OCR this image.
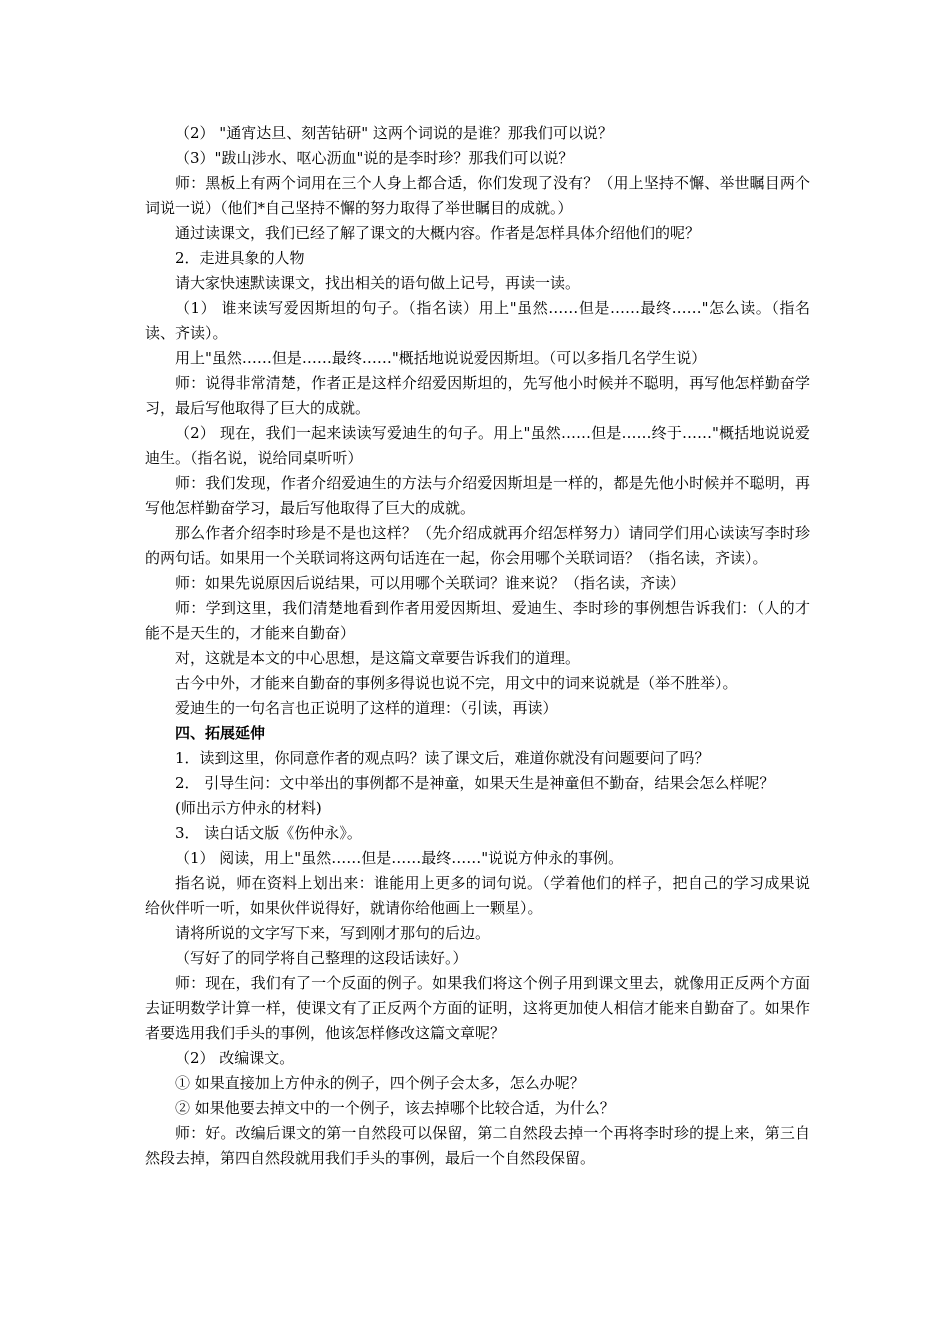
（2） "通宵达旦、刻苦钻研" 这两个词说的是谁？那我们可以说？

（3）"跋山涉水、呕心沥血"说的是李时珍？那我们可以说？

师：黑板上有两个词用在三个人身上都合适，你们发现了没有？（用上坚持不懈、举世瞩目两个词说一说）（他们*自己坚持不懈的努力取得了举世瞩目的成就。）

通过读课文，我们已经了解了课文的大概内容。作者是怎样具体介绍他们的呢？

2．走进具象的人物

请大家快速默读课文，找出相关的语句做上记号，再读一读。

（1） 谁来读写爱因斯坦的句子。（指名读）用上"虽然……但是……最终……"怎么读。（指名读、齐读）。

用上"虽然……但是……最终……"概括地说说爱因斯坦。（可以多指几名学生说）

师：说得非常清楚，作者正是这样介绍爱因斯坦的，先写他小时候并不聪明，再写他怎样勤奋学习，最后写他取得了巨大的成就。

（2） 现在，我们一起来读读写爱迪生的句子。用上"虽然……但是……终于……"概括地说说爱迪生。（指名说，说给同桌听听）

师：我们发现，作者介绍爱迪生的方法与介绍爱因斯坦是一样的，都是先他小时候并不聪明，再写他怎样勤奋学习，最后写他取得了巨大的成就。

那么作者介绍李时珍是不是也这样？（先介绍成就再介绍怎样努力）请同学们用心读读写李时珍的两句话。如果用一个关联词将这两句话连在一起，你会用哪个关联词语？（指名读，齐读）。

师：如果先说原因后说结果，可以用哪个关联词？谁来说？（指名读，齐读）

师：学到这里，我们清楚地看到作者用爱因斯坦、爱迪生、李时珍的事例想告诉我们：（人的才能不是天生的，才能来自勤奋）

对，这就是本文的中心思想，是这篇文章要告诉我们的道理。

古今中外，才能来自勤奋的事例多得说也说不完，用文中的词来说就是（举不胜举）。

爱迪生的一句名言也正说明了这样的道理：（引读，再读）

四、拓展延伸

1．读到这里，你同意作者的观点吗？读了课文后，难道你就没有问题要问了吗？

2． 引导生问：文中举出的事例都不是神童，如果天生是神童但不勤奋，结果会怎么样呢？

(师出示方仲永的材料)

3． 读白话文版《伤仲永》。

（1） 阅读，用上"虽然……但是……最终……"说说方仲永的事例。

指名说，师在资料上划出来：谁能用上更多的词句说。（学着他们的样子，把自己的学习成果说给伙伴听一听，如果伙伴说得好，就请你给他画上一颗星）。

请将所说的文字写下来，写到刚才那句的后边。

（写好了的同学将自己整理的这段话读好。）

师：现在，我们有了一个反面的例子。如果我们将这个例子用到课文里去，就像用正反两个方面去证明数学计算一样，使课文有了正反两个方面的证明，这将更加使人相信才能来自勤奋了。如果作者要选用我们手头的事例，他该怎样修改这篇文章呢？

（2） 改编课文。

① 如果直接加上方仲永的例子，四个例子会太多，怎么办呢？

② 如果他要去掉文中的一个例子，该去掉哪个比较合适，为什么？

师：好。改编后课文的第一自然段可以保留，第二自然段去掉一个再将李时珍的提上来，第三自然段去掉，第四自然段就用我们手头的事例，最后一个自然段保留。
